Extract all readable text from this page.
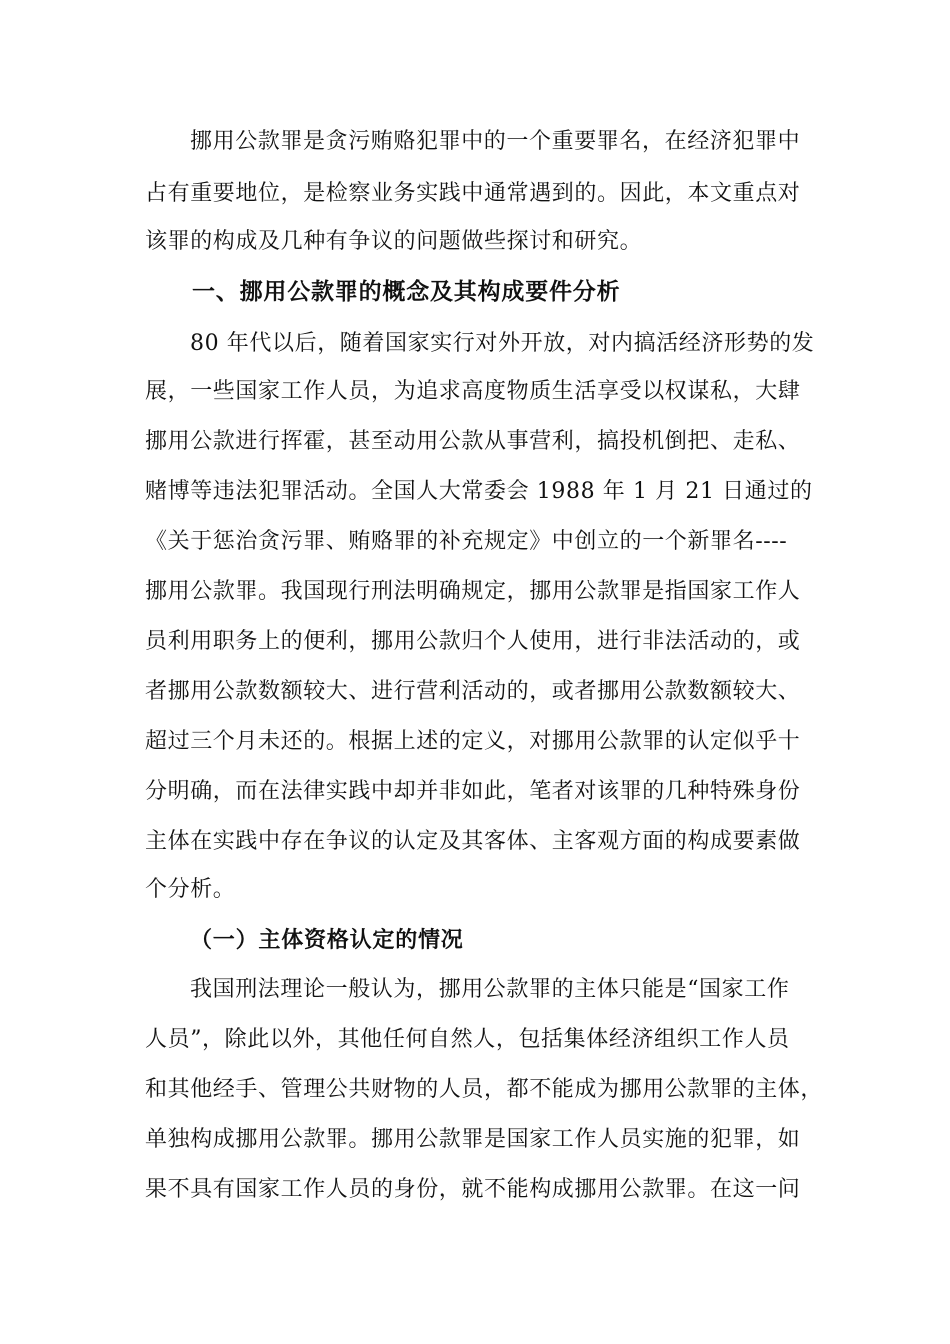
挪用公款罪是贪污贿赂犯罪中的一个重要罪名，在经济犯罪中
占有重要地位，是检察业务实践中通常遇到的。因此，本文重点对
该罪的构成及几种有争议的问题做些探讨和研究。
一、挪用公款罪的概念及其构成要件分析
80 年代以后，随着国家实行对外开放，对内搞活经济形势的发
展，一些国家工作人员，为追求高度物质生活享受以权谋私，大肆
挪用公款进行挥霍，甚至动用公款从事营利，搞投机倒把、走私、
赌博等违法犯罪活动。全国人大常委会 1988 年 1 月 21 日通过的
《关于惩治贪污罪、贿赂罪的补充规定》中创立的一个新罪名----
挪用公款罪。我国现行刑法明确规定，挪用公款罪是指国家工作人
员利用职务上的便利，挪用公款归个人使用，进行非法活动的，或
者挪用公款数额较大、进行营利活动的，或者挪用公款数额较大、
超过三个月未还的。根据上述的定义，对挪用公款罪的认定似乎十
分明确，而在法律实践中却并非如此，笔者对该罪的几种特殊身份
主体在实践中存在争议的认定及其客体、主客观方面的构成要素做
个分析。
（一）主体资格认定的情况
我国刑法理论一般认为，挪用公款罪的主体只能是“国家工作
人员”，除此以外，其他任何自然人，包括集体经济组织工作人员
和其他经手、管理公共财物的人员，都不能成为挪用公款罪的主体，
单独构成挪用公款罪。挪用公款罪是国家工作人员实施的犯罪，如
果不具有国家工作人员的身份，就不能构成挪用公款罪。在这一问
